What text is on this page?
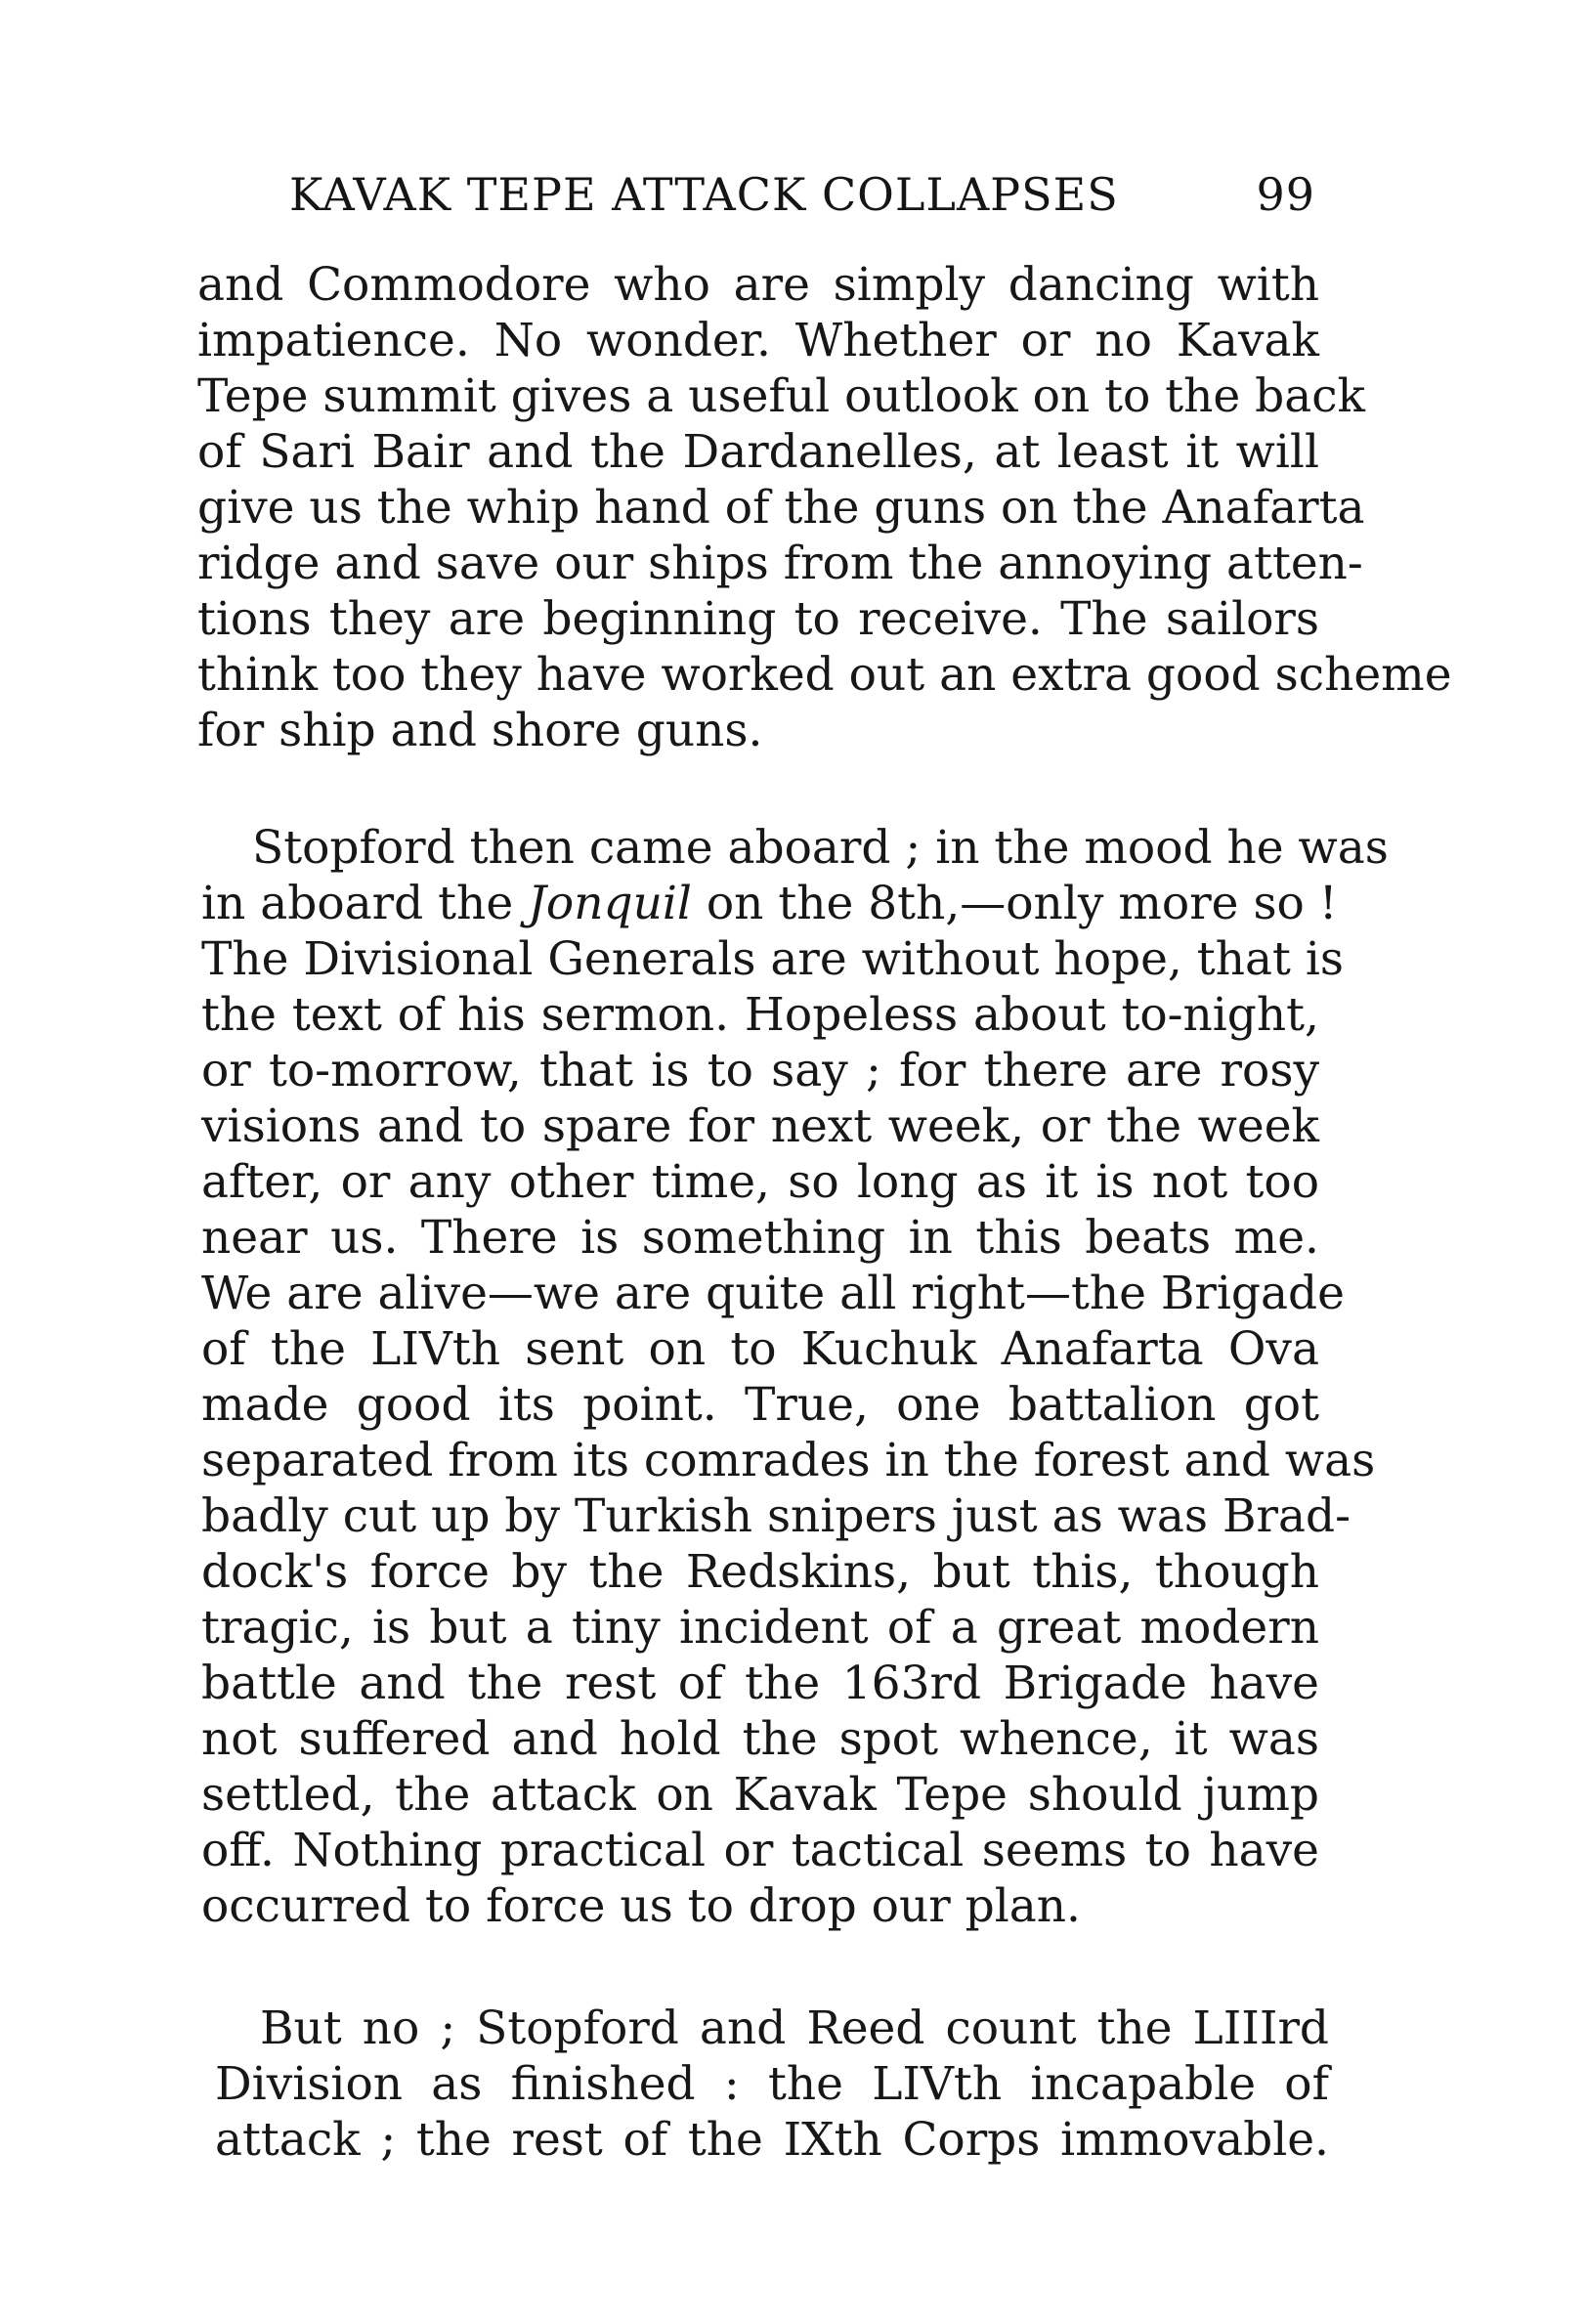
KAVAK TEPE ATTACK COLLAPSES	99
and Commodore who are simply dancing with
impatience. No wonder. Whether or no Kavak
Tepe summit gives a useful outlook on to the back
of Sari Bair and the Dardanelles, at least it will
give us the whip hand of the guns on the Anafarta
ridge and save our ships from the annoying atten-
tions they are beginning to receive. The sailors
think too they have worked out an extra good scheme
for ship and shore guns.
Stopford then came aboard ; in the mood he was
in aboard the Jonquil on the 8th,—only more so !
The Divisional Generals are without hope, that is
the text of his sermon. Hopeless about to-night,
or to-morrow, that is to say ; for there are rosy
visions and to spare for next week, or the week
after, or any other time, so long as it is not too
near us. There is something in this beats me.
We are alive—we are quite all right—the Brigade
of the LIVth sent on to Kuchuk Anafarta Ova
made good its point. True, one battalion got
separated from its comrades in the forest and was
badly cut up by Turkish snipers just as was Brad-
dock's force by the Redskins, but this, though
tragic, is but a tiny incident of a great modern
battle and the rest of the 163rd Brigade have
not suffered and hold the spot whence, it was
settled, the attack on Kavak Tepe should jump
off. Nothing practical or tactical seems to have
occurred to force us to drop our plan.
But no ; Stopford and Reed count the LIIIrd
Division as finished : the LIVth incapable of
attack ; the rest of the IXth Corps immovable.
